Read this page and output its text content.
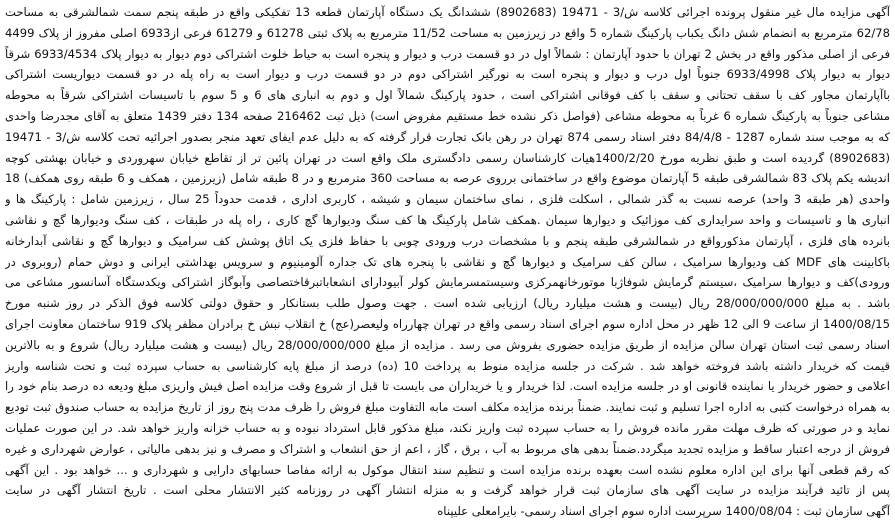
آگهی مزایده مال غیر منقول پرونده اجرائی کلاسه ش/3 - 19471 (8902683) ششدانگ یک دستگاه آپارتمان قطعه 13 تفکیکی واقع در طبقه پنجم سمت شمالشرقی به مساحت
62/78 مترمربع به انضمام شش دانگ یکباب پارکینگ شماره 5 واقع در زیرزمین به مساحت 11/52 مترمربع به پلاک ثبتی 61278 و 61279 فرعی از6933 اصلی مفروز از پلاک 4499
فرعی از اصلی مذکور واقع در بخش 2 تهران با حدود آپارتمان : شمالاً اول در دو قسمت درب و دیوار و پنجره است به حیاط خلوت اشتراکی دوم دیوار به دیوار پلاک 6933/4534 شرقاً
دیوار به دیوار پلاک 6933/4998 جنوباً اول درب و دیوار و پنجره است به نورگیر اشتراکی دوم در دو قسمت درب و دیوار است به راه پله در دو قسمت دیواریست اشتراکی
باآپارتمان مجاور کف با سقف تحتانی و سقف با کف فوقانی اشتراکی است ، حدود پارکینگ شمالاً اول و دوم به انباری های 6 و 5 سوم با تاسیسات اشتراکی شرقاً به محوطه
مشاعی جنوباً به پارکینگ شماره 6 غرباً به محوطه مشاعی (فواصل ذکر نشده خط مستقیم مفروض است) ذیل ثبت 216462 صفحه 134 دفتر 1439 متعلق به آقای مجدرضا واحدی
که به موجب سند شماره 1287 - 84/4/8 دفتر اسناد رسمی 874 تهران در رهن بانک تجارت قرار گرفته که به دلیل عدم ایفای تعهد منجر بصدور اجرائیه تحت کلاسه ش/3 - 19471
(8902683) گردیده است و طبق نظریه مورخ 1400/2/20هیات کارشناسان رسمی دادگستری ملک واقع است در تهران پائین تر از تقاطع خیابان سهروردی و خیابان بهشتی کوچه
اندیشه یکم پلاک 83 شمالشرقی طبقه 5 آپارتمان موضوع واقع در ساختمانی برروی عرصه به مساحت 360 مترمربع و در 8 طبقه شامل (زیرزمین ، همکف و 6 طبقه روی همکف) 18
واحدی (هر طبقه 3 واحد) عرصه نسبت به گذر شمالی ، اسکلت فلزی ، نمای ساختمان سیمان و شیشه ، کاربری اداری ، قدمت حدوداً 25 سال ، زیرزمین شامل : پارکینگ ها و
انباری ها و تاسیسات و واحد سرایداری کف موزائیک و دیوارها سیمان .همکف شامل پارکینگ ها کف سنگ ودیوارها گچ کاری ، راه پله در طبقات ، کف سنگ ودیوارها گچ و نقاشی
بانرده های فلزی ، آپارتمان مذکورواقع در شمالشرقی طبقه پنجم و با مشخصات درب ورودی چوبی با حفاظ فلزی یک اتاق پوشش کف سرامیک و دیوارها گچ و نقاشی آبدارخانه
باکابینت های MDF کف ودیوارها سرامیک ، سالن کف سرامیک و دیوارها گچ و نقاشی با پنجره های تک جداره آلومینیوم و سرویس بهداشتی ایرانی و دوش حمام (روبروی در
ورودی)کف و دیوارها سرامیک ،سیستم گرمایش شوفاژبا موتورخانهمرکزی وسیستمسرمایش کولر آبیودارای انشعاباتبرقاختصاصی وآبوگاز اشتراکی ویکدستگاه آسانسور مشاعی می
باشد . به مبلغ 28/000/000/000 ریال (بیست و هشت میلیارد ریال) ارزیابی شده است . جهت وصول طلب بستانکار و حقوق دولتی کلاسه فوق الذکر در روز شنبه مورخ
1400/08/15 از ساعت 9 الی 12 ظهر در محل اداره سوم اجرای اسناد رسمی واقع در تهران چهارراه ولیعصر(عج) خ انقلاب نبش خ برادران مظفر پلاک 919 ساختمان معاونت اجرای
اسناد رسمی ثبت استان تهران سالن مزایده از طریق مزایده حضوری بفروش می رسد . مزایده از مبلغ 28/000/000/000 ریال (بیست و هشت میلیارد ریال) شروع و به بالاترین
قیمت که خریدار داشته باشد فروخته خواهد شد . شرکت در جلسه مزایده منوط به پرداخت 10 (ده) درصد از مبلغ پایه کارشناسی به حساب سپرده ثبت و تحت شناسه واریز
اعلامی و حضور خریدار یا نماینده قانونی او در جلسه مزایده است. لذا خریدار و یا خریداران می بایست تا قبل از شروع وقت مزایده اصل فیش واریزی مبلغ ودیعه ده درصد بنام خود را
به همراه درخواست کتبی به اداره اجرا تسلیم و ثبت نمایند. ضمناً برنده مزایده مکلف است مابه التفاوت مبلغ فروش را ظرف مدت پنج روز از تاریخ مزایده به حساب صندوق ثبت تودیع
نماید و در صورتی که ظرف مهلت مقرر مانده فروش را به حساب سپرده ثبت واریز نکند، مبلغ مذکور قابل استرداد نبوده و به حساب خزانه واریز خواهد شد. در این صورت عملیات
فروش از درجه اعتبار ساقط و مزایده تجدید میگردد.ضمناً بدهی های مربوط به آب ، برق ، گاز ، اعم از حق انشعاب و اشتراک و مصرف و نیز بدهی مالیاتی ، عوارض شهرداری و غیره
که رقم قطعی آنها برای این اداره معلوم نشده است بعهده برنده مزایده است و تنظیم سند انتقال موکول به ارائه مفاصا حسابهای دارایی و شهرداری و ... خواهد بود . این آگهی
پس از تائید فرآیند مزایده در سایت آگهی های سازمان ثبت قرار خواهد گرفت و به منزله انتشار آگهی در روزنامه کثیر الانتشار محلی است . تاریخ انتشار آگهی در سایت
آگهی سازمان ثبت : 1400/08/04 سرپرست اداره سوم اجرای اسناد رسمی- بایرامعلی علیپناه
